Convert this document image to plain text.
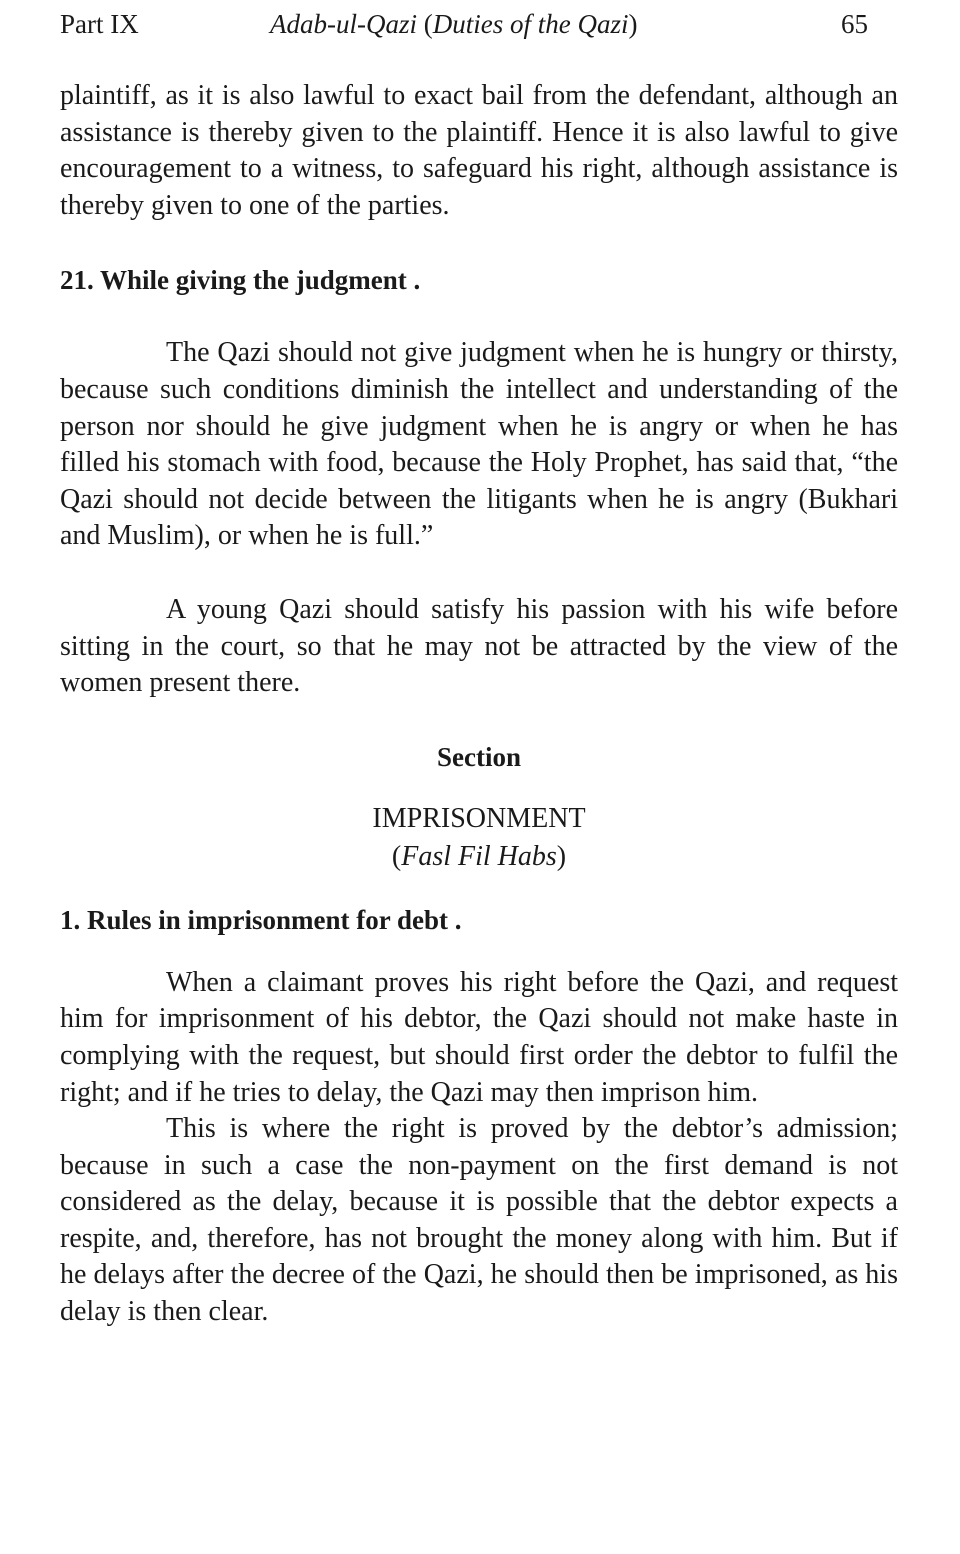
Part IX	Adab-ul-Qazi (Duties of the Qazi)	65

plaintiff, as it is also lawful to exact bail from the defendant, although an assistance is thereby given to the plaintiff. Hence it is also lawful to give encouragement to a witness, to safeguard his right, although assistance is thereby given to one of the parties.

21. While giving the judgment .

The Qazi should not give judgment when he is hungry or thirsty, because such conditions diminish the intellect and understanding of the person nor should he give judgment when he is angry or when he has filled his stomach with food, because the Holy Prophet, has said that, “the Qazi should not decide between the litigants when he is angry (Bukhari and Muslim), or when he is full.”

A young Qazi should satisfy his passion with his wife before sitting in the court, so that he may not be attracted by the view of the women present there.

Section
IMPRISONMENT
(Fasl Fil Habs)
1. Rules in imprisonment for debt .

When a claimant proves his right before the Qazi, and request him for imprisonment of his debtor, the Qazi should not make haste in complying with the request, but should first order the debtor to fulfil the right; and if he tries to delay, the Qazi may then imprison him.

This is where the right is proved by the debtor’s admission; because in such a case the non-payment on the first demand is not considered as the delay, because it is possible that the debtor expects a respite, and, therefore, has not brought the money along with him. But if he delays after the decree of the Qazi, he should then be imprisoned, as his delay is then clear.
